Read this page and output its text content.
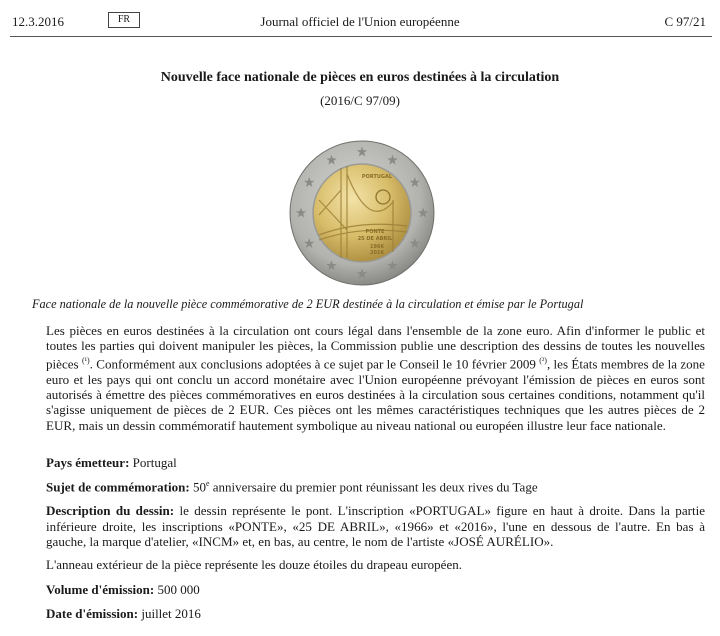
12.3.2016	FR	Journal officiel de l'Union européenne	C 97/21
Nouvelle face nationale de pièces en euros destinées à la circulation
(2016/C 97/09)
PORTUGAL
PONTE
25 DE ABRIL
1966
2016
Face nationale de la nouvelle pièce commémorative de 2 EUR destinée à la circulation et émise par le Portugal
Les pièces en euros destinées à la circulation ont cours légal dans l'ensemble de la zone euro. Afin d'informer le public et toutes les parties qui doivent manipuler les pièces, la Commission publie une description des dessins de toutes les nouvelles pièces $^{(^1)}$. Conformément aux conclusions adoptées à ce sujet par le Conseil le 10 février 2009 $^{(^2)}$, les États membres de la zone euro et les pays qui ont conclu un accord monétaire avec l'Union européenne prévoyant l'émission de pièces en euros sont autorisés à émettre des pièces commémoratives en euros destinées à la circulation sous certaines conditions, notamment qu'il s'agisse uniquement de pièces de 2 EUR. Ces pièces ont les mêmes caractéristiques techniques que les autres pièces de 2 EUR, mais un dessin commémoratif hautement symbolique au niveau national ou européen illustre leur face nationale.
Pays émetteur: Portugal
Sujet de commémoration: 50e anniversaire du premier pont réunissant les deux rives du Tage
Description du dessin: le dessin représente le pont. L'inscription «PORTUGAL» figure en haut à droite. Dans la partie inférieure droite, les inscriptions «PONTE», «25 DE ABRIL», «1966» et «2016», l'une en dessous de l'autre. En bas à gauche, la marque d'atelier, «INCM» et, en bas, au centre, le nom de l'artiste «JOSÉ AURÉLIO».
L'anneau extérieur de la pièce représente les douze étoiles du drapeau européen.
Volume d'émission: 500 000
Date d'émission: juillet 2016
